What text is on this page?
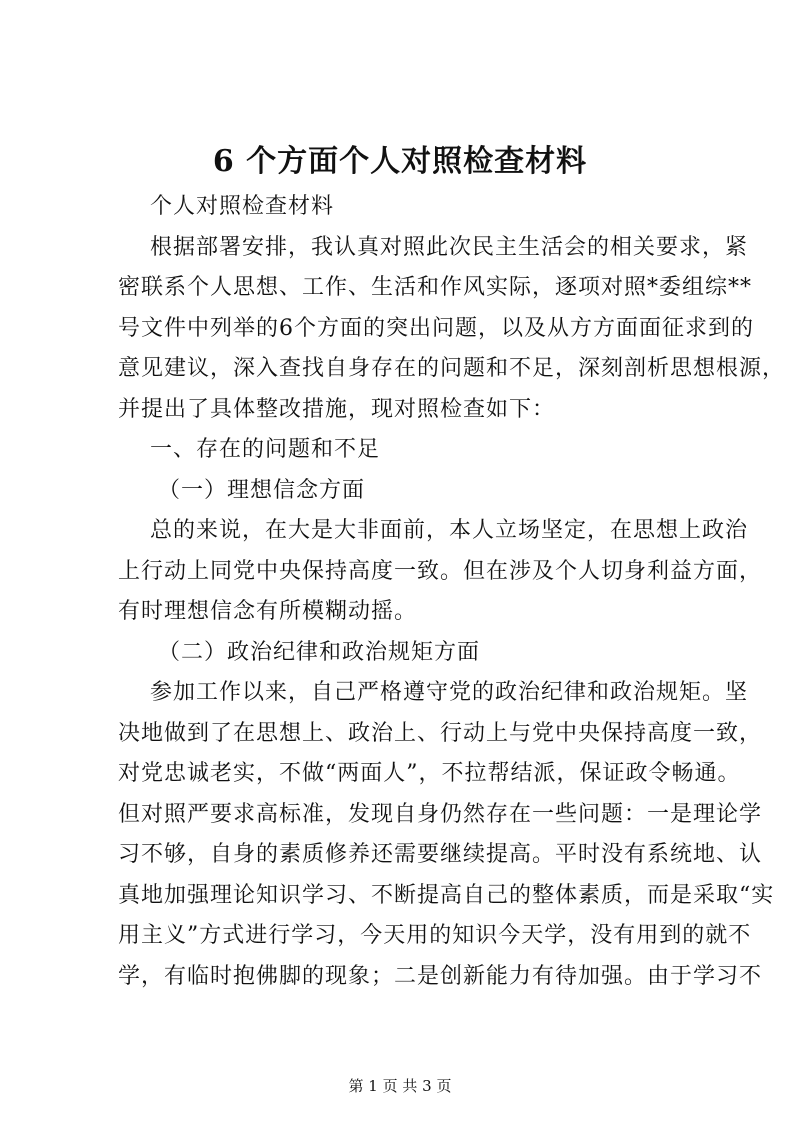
6 个方面个人对照检查材料
个人对照检查材料
根据部署安排，我认真对照此次民主生活会的相关要求，紧
密联系个人思想、工作、生活和作风实际，逐项对照*委组综**
号文件中列举的6个方面的突出问题，以及从方方面面征求到的
意见建议，深入查找自身存在的问题和不足，深刻剖析思想根源，
并提出了具体整改措施，现对照检查如下：
一、存在的问题和不足
（一）理想信念方面
总的来说，在大是大非面前，本人立场坚定，在思想上政治
上行动上同党中央保持高度一致。但在涉及个人切身利益方面，
有时理想信念有所模糊动摇。
（二）政治纪律和政治规矩方面
参加工作以来，自己严格遵守党的政治纪律和政治规矩。坚
决地做到了在思想上、政治上、行动上与党中央保持高度一致，
对党忠诚老实，不做“两面人”，不拉帮结派，保证政令畅通。
但对照严要求高标准，发现自身仍然存在一些问题：一是理论学
习不够，自身的素质修养还需要继续提高。平时没有系统地、认
真地加强理论知识学习、不断提高自己的整体素质，而是采取“实
用主义”方式进行学习，今天用的知识今天学，没有用到的就不
学，有临时抱佛脚的现象；二是创新能力有待加强。由于学习不
第 1 页 共 3 页
